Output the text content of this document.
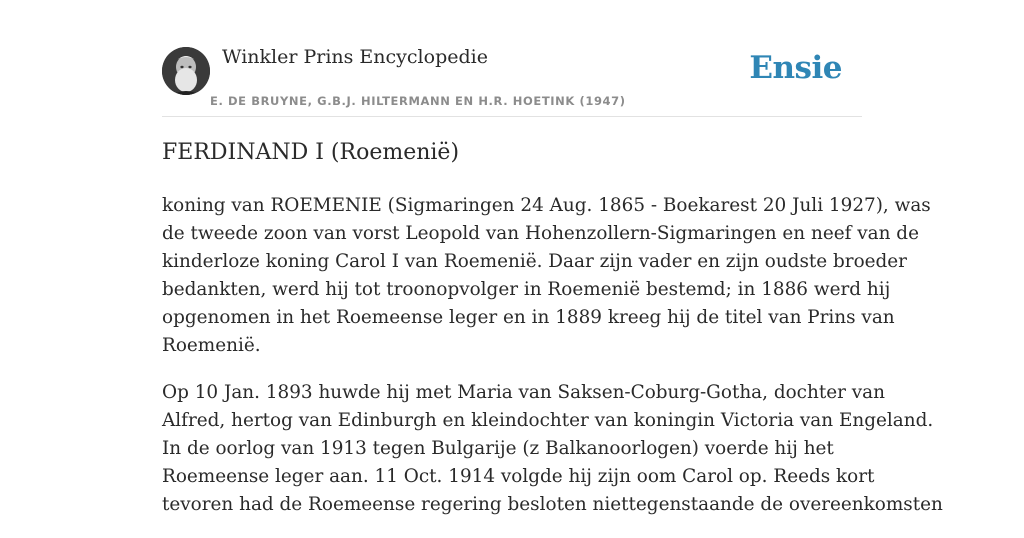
Winkler Prins Encyclopedie
E. DE BRUYNE, G.B.J. HILTERMANN EN H.R. HOETINK (1947)
Ensie
FERDINAND I (Roemenië)

koning van ROEMENIE (Sigmaringen 24 Aug. 1865 - Boekarest 20 Juli 1927), was
de tweede zoon van vorst Leopold van Hohenzollern-Sigmaringen en neef van de
kinderloze koning Carol I van Roemenië. Daar zijn vader en zijn oudste broeder
bedankten, werd hij tot troonopvolger in Roemenië bestemd; in 1886 werd hij
opgenomen in het Roemeense leger en in 1889 kreeg hij de titel van Prins van
Roemenië.

Op 10 Jan. 1893 huwde hij met Maria van Saksen-Coburg-Gotha, dochter van
Alfred, hertog van Edinburgh en kleindochter van koningin Victoria van Engeland.
In de oorlog van 1913 tegen Bulgarije (z Balkanoorlogen) voerde hij het
Roemeense leger aan. 11 Oct. 1914 volgde hij zijn oom Carol op. Reeds kort
tevoren had de Roemeense regering besloten niettegenstaande de overeenkomsten
